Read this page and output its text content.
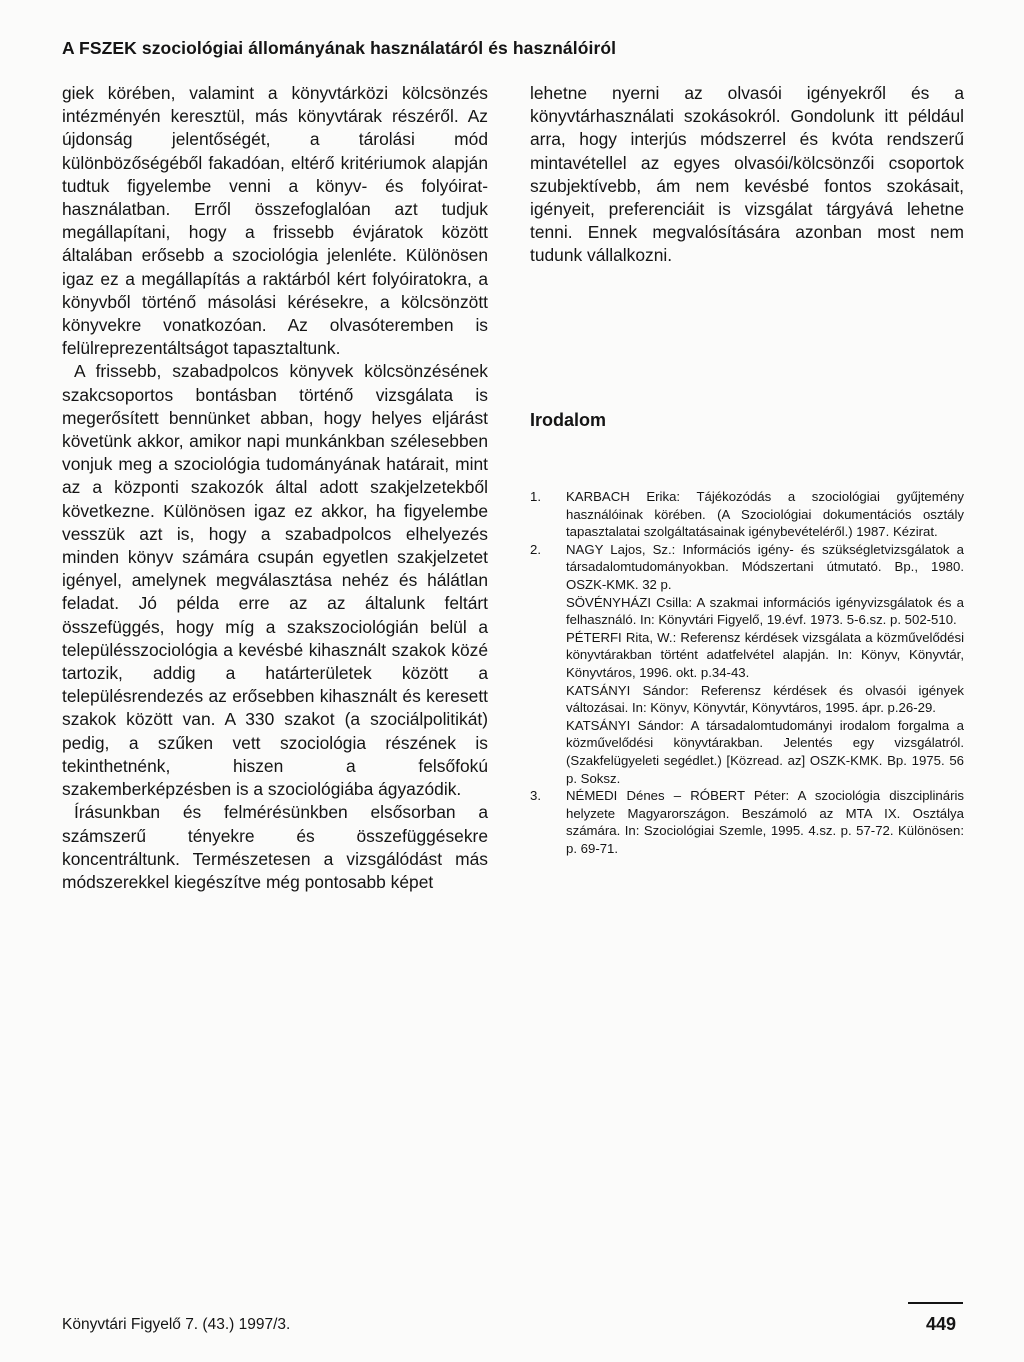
A FSZEK szociológiai állományának használatáról és használóiról

giek körében, valamint a könyvtárközi kölcsönzés intézményén keresztül, más könyvtárak részéről. Az újdonság jelentőségét, a tárolási mód különbözőségéből fakadóan, eltérő kritériumok alapján tudtuk figyelembe venni a könyv- és folyóirat-használatban. Erről összefoglalóan azt tudjuk megállapítani, hogy a frissebb évjáratok között általában erősebb a szociológia jelenléte. Különösen igaz ez a megállapítás a raktárból kért folyóiratokra, a könyvből történő másolási kérésekre, a kölcsönzött könyvekre vonatkozóan. Az olvasóteremben is felülreprezentáltságot tapasztaltunk.

A frissebb, szabadpolcos könyvek kölcsönzésének szakcsoportos bontásban történő vizsgálata is megerősített bennünket abban, hogy helyes eljárást követünk akkor, amikor napi munkánkban szélesebben vonjuk meg a szociológia tudományának határait, mint az a központi szakozók által adott szakjelzetekből következne. Különösen igaz ez akkor, ha figyelembe vesszük azt is, hogy a szabadpolcos elhelyezés minden könyv számára csupán egyetlen szakjelzetet igényel, amelynek megválasztása nehéz és hálátlan feladat. Jó példa erre az az általunk feltárt összefüggés, hogy míg a szakszociológián belül a településszociológia a kevésbé kihasznált szakok közé tartozik, addig a határterületek között a településrendezés az erősebben kihasznált és keresett szakok között van. A 330 szakot (a szociálpolitikát) pedig, a szűken vett szociológia részének is tekinthetnénk, hiszen a felsőfokú szakemberképzésben is a szociológiába ágyazódik.

Írásunkban és felmérésünkben elsősorban a számszerű tényekre és összefüggésekre koncentráltunk. Természetesen a vizsgálódást más módszerekkel kiegészítve még pontosabb képet

lehetne nyerni az olvasói igényekről és a könyvtárhasználati szokásokról. Gondolunk itt például arra, hogy interjús módszerrel és kvóta rendszerű mintavétellel az egyes olvasói/kölcsönzői csoportok szubjektívebb, ám nem kevésbé fontos szokásait, igényeit, preferenciáit is vizsgálat tárgyává lehetne tenni. Ennek megvalósítására azonban most nem tudunk vállalkozni.

Irodalom
1. KARBACH Erika: Tájékozódás a szociológiai gyűjtemény használóinak körében. (A Szociológiai dokumentációs osztály tapasztalatai szolgáltatásainak igénybevételéről.) 1987. Kézirat.
2. NAGY Lajos, Sz.: Információs igény- és szükségletvizsgálatok a társadalomtudományokban. Módszertani útmutató. Bp., 1980. OSZK-KMK. 32 p.
SÖVÉNYHÁZI Csilla: A szakmai információs igényvizsgálatok és a felhasználó. In: Könyvtári Figyelő, 19.évf. 1973. 5-6.sz. p. 502-510.
PÉTERFI Rita, W.: Referensz kérdések vizsgálata a közművelődési könyvtárakban történt adatfelvétel alapján. In: Könyv, Könyvtár, Könyvtáros, 1996. okt. p.34-43.
KATSÁNYI Sándor: Referensz kérdések és olvasói igények változásai. In: Könyv, Könyvtár, Könyvtáros, 1995. ápr. p.26-29.
KATSÁNYI Sándor: A társadalomtudományi irodalom forgalma a közművelődési könyvtárakban. Jelentés egy vizsgálatról. (Szakfelügyeleti segédlet.) [Közread. az] OSZK-KMK. Bp. 1975. 56 p. Soksz.
3. NÉMEDI Dénes – RÓBERT Péter: A szociológia diszciplináris helyzete Magyarországon. Beszámoló az MTA IX. Osztálya számára. In: Szociológiai Szemle, 1995. 4.sz. p. 57-72. Különösen: p. 69-71.
Könyvtári Figyelő 7. (43.) 1997/3.	449
